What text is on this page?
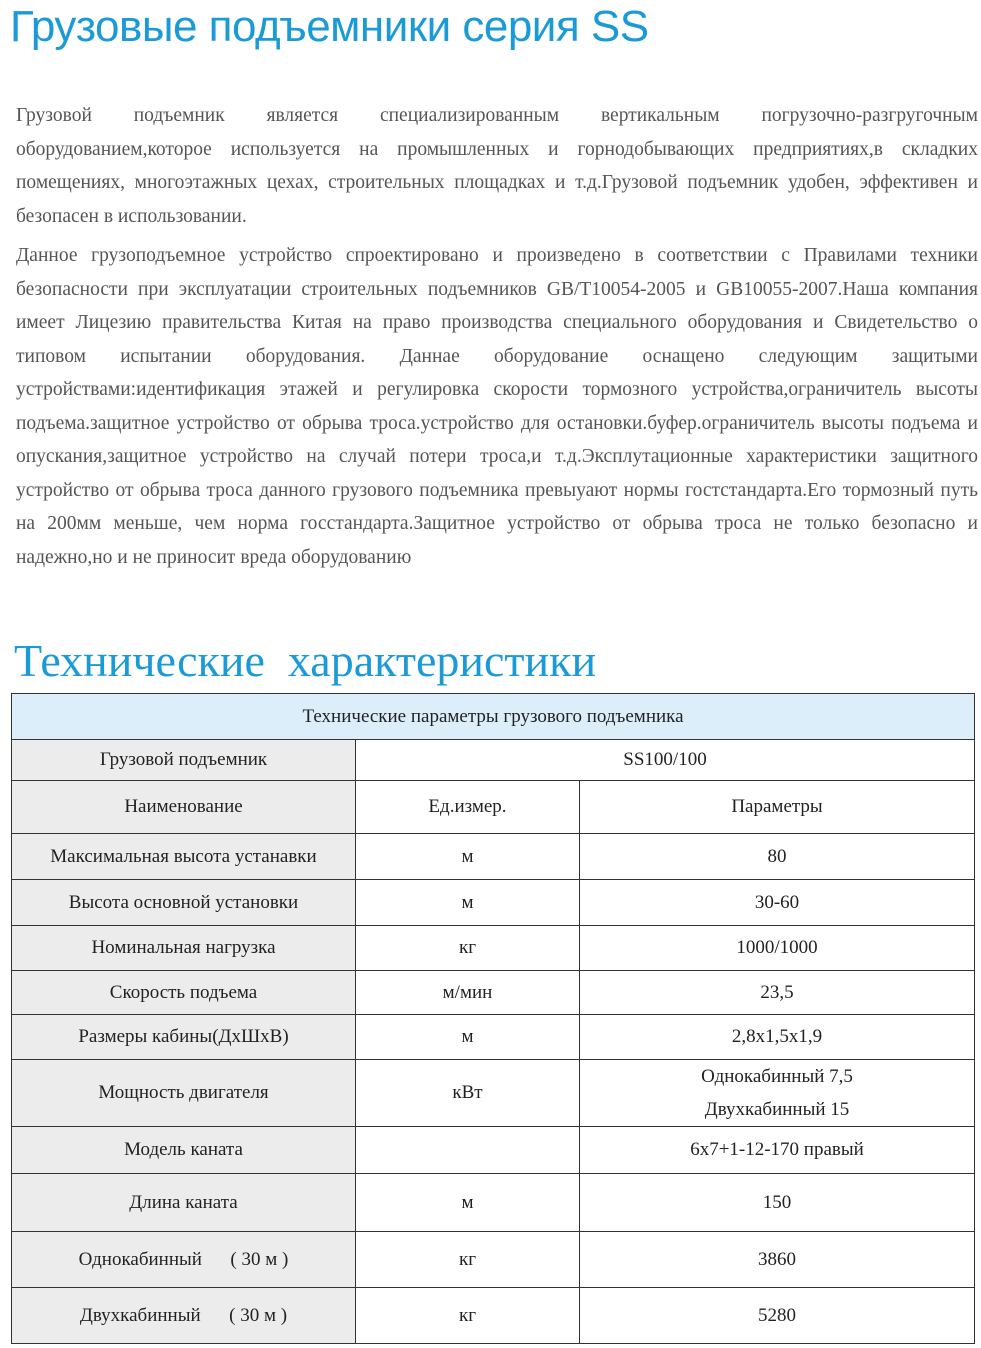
Грузовые подъемники серия SS

Грузовой подъемник является специализированным вертикальным погрузочно-разгругочным оборудованием,которое используется на промышленных и горнодобывающих предприятиях,в складких помещениях, многоэтажных цехах, строительных площадках и т.д.Грузовой подъемник удобен, эффективен и безопасен в использовании.

Данное грузоподъемное устройство спроектировано и произведено в соответствии с Правилами техники безопасности при эксплуатации строительных подъемников GB/T10054-2005 и GB10055-2007.Наша компания имеет Лицезию правительства Китая на право производства специального оборудования и Свидетельство о типовом испытании оборудования. Даннае оборудование оснащено следующим защитыми устройствами:идентификация этажей и регулировка скорости тормозного устройства,ограничитель высоты подъема.защитное устройство от обрыва троса.устройство для остановки.буфер.ограничитель высоты подъема и опускания,защитное устройство на случай потери троса,и т.д.Эксплутационные характеристики защитного устройство от обрыва троса данного грузового подъемника превыуают нормы гостстандарта.Его тормозный путь на 200мм меньше, чем норма госстандарта.Защитное устройство от обрыва троса не только безопасно и надежно,но и не приносит вреда оборудованию

Технические  характеристики
Технические параметры грузового подъемника		
Грузовой подъемник	SS100/100	
Наименование	Ед.измер.	Параметры
Максимальная высота устанавки	м	80
Высота основной установки	м	30-60
Номинальная нагрузка	кг	1000/1000
Скорость подъема	м/мин	23,5
Размеры кабины(ДхШхВ)	м	2,8x1,5x1,9
Мощность двигателя	кВт	Однокабинный 7,5
Двухкабинный 15

Модель каната		6x7+1-12-170 правый
Длина каната	м	150
Однокабинный      ( 30 м )	кг	3860
Двухкабинный      ( 30 м )	кг	5280
